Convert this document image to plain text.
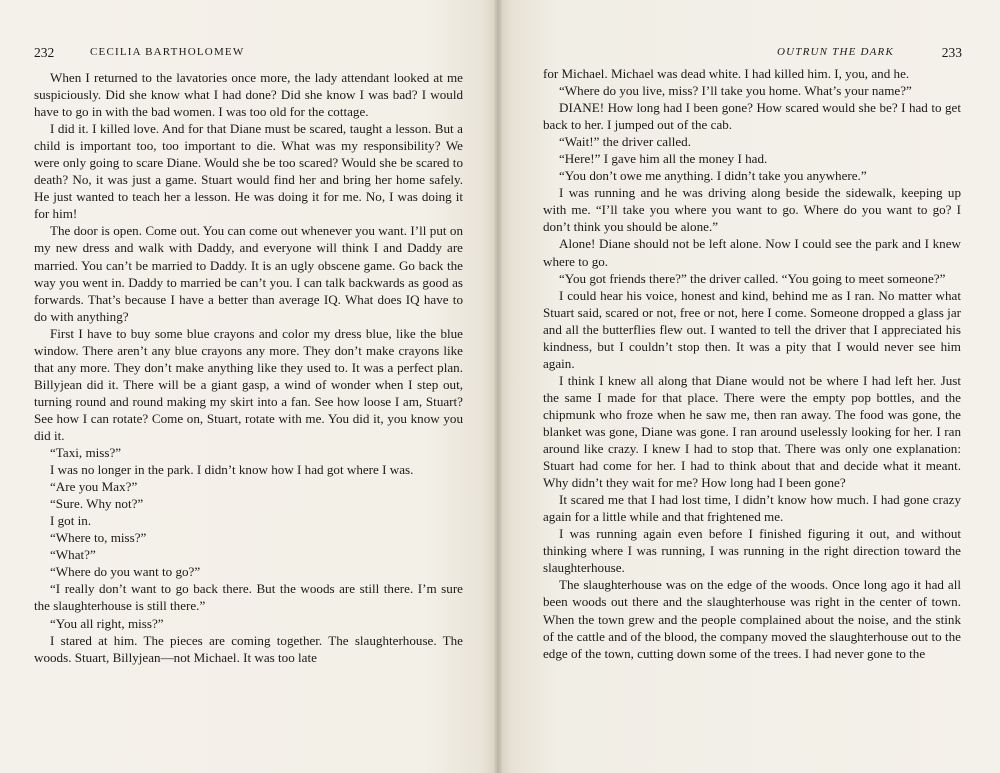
232	CECILIA BARTHOLOMEW

When I returned to the lavatories once more, the lady attendant looked at me suspiciously. Did she know what I had done? Did she know I was bad? I would have to go in with the bad women. I was too old for the cottage.

I did it. I killed love. And for that Diane must be scared, taught a lesson. But a child is important too, too important to die. What was my responsibility? We were only going to scare Diane. Would she be too scared? Would she be scared to death? No, it was just a game. Stuart would find her and bring her home safely. He just wanted to teach her a lesson. He was doing it for me. No, I was doing it for him!

The door is open. Come out. You can come out whenever you want. I’ll put on my new dress and walk with Daddy, and everyone will think I and Daddy are married. You can’t be married to Daddy. It is an ugly obscene game. Go back the way you went in. Daddy to married be can’t you. I can talk backwards as good as forwards. That’s because I have a better than average IQ. What does IQ have to do with anything?

First I have to buy some blue crayons and color my dress blue, like the blue window. There aren’t any blue crayons any more. They don’t make crayons like that any more. They don’t make anything like they used to. It was a perfect plan. Billyjean did it. There will be a giant gasp, a wind of wonder when I step out, turning round and round making my skirt into a fan. See how loose I am, Stuart? See how I can rotate? Come on, Stuart, rotate with me. You did it, you know you did it.

“Taxi, miss?”

I was no longer in the park. I didn’t know how I had got where I was.

“Are you Max?”

“Sure. Why not?”

I got in.

“Where to, miss?”

“What?”

“Where do you want to go?”

“I really don’t want to go back there. But the woods are still there. I’m sure the slaughterhouse is still there.”

“You all right, miss?”

I stared at him. The pieces are coming together. The slaughterhouse. The woods. Stuart, Billyjean—not Michael. It was too late

OUTRUN THE DARK	233

for Michael. Michael was dead white. I had killed him. I, you, and he.

“Where do you live, miss? I’ll take you home. What’s your name?”

DIANE! How long had I been gone? How scared would she be? I had to get back to her. I jumped out of the cab.

“Wait!” the driver called.

“Here!” I gave him all the money I had.

“You don’t owe me anything. I didn’t take you anywhere.”

I was running and he was driving along beside the sidewalk, keeping up with me. “I’ll take you where you want to go. Where do you want to go? I don’t think you should be alone.”

Alone! Diane should not be left alone. Now I could see the park and I knew where to go.

“You got friends there?” the driver called. “You going to meet someone?”

I could hear his voice, honest and kind, behind me as I ran. No matter what Stuart said, scared or not, free or not, here I come. Someone dropped a glass jar and all the butterflies flew out. I wanted to tell the driver that I appreciated his kindness, but I couldn’t stop then. It was a pity that I would never see him again.

I think I knew all along that Diane would not be where I had left her. Just the same I made for that place. There were the empty pop bottles, and the chipmunk who froze when he saw me, then ran away. The food was gone, the blanket was gone, Diane was gone. I ran around uselessly looking for her. I ran around like crazy. I knew I had to stop that. There was only one explanation: Stuart had come for her. I had to think about that and decide what it meant. Why didn’t they wait for me? How long had I been gone?

It scared me that I had lost time, I didn’t know how much. I had gone crazy again for a little while and that frightened me.

I was running again even before I finished figuring it out, and without thinking where I was running, I was running in the right direction toward the slaughterhouse.

The slaughterhouse was on the edge of the woods. Once long ago it had all been woods out there and the slaughterhouse was right in the center of town. When the town grew and the people complained about the noise, and the stink of the cattle and of the blood, the company moved the slaughterhouse out to the edge of the town, cutting down some of the trees. I had never gone to the
